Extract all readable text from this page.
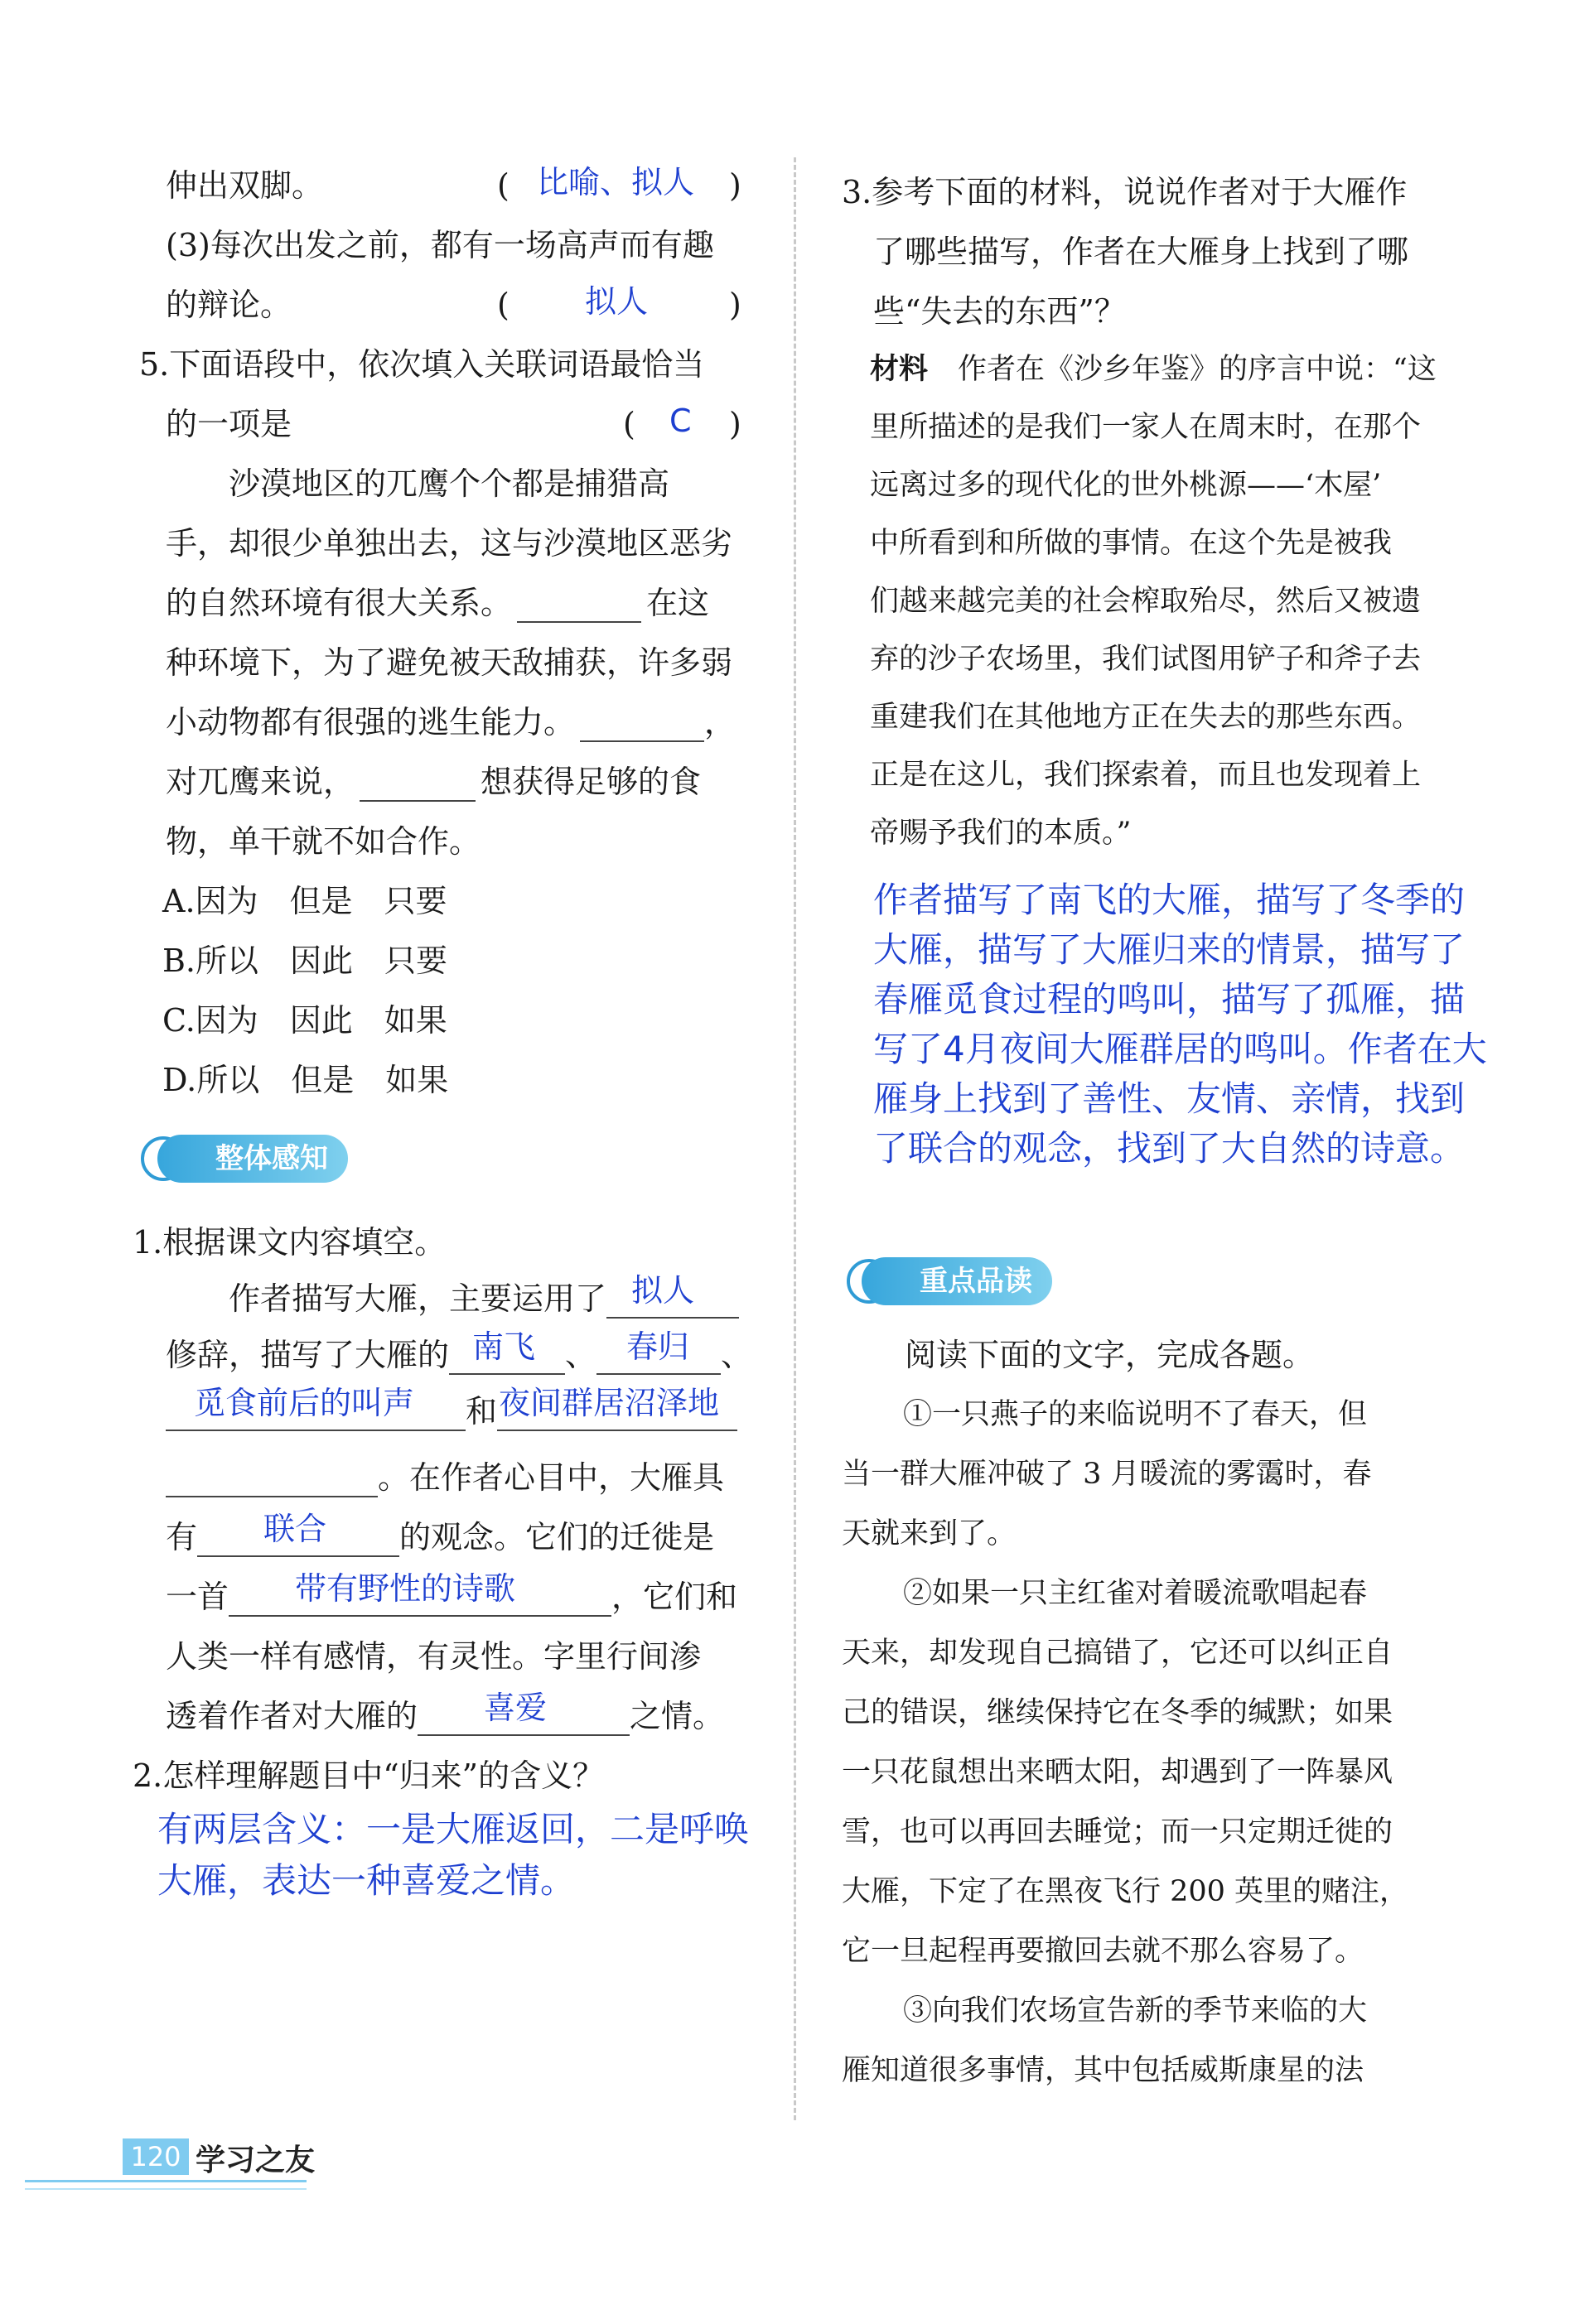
伸出双脚。	( 比喻、拟人 )
(3)每次出发之前，都有一场高声而有趣
的辩论。	( 拟人	)
5.下面语段中，依次填入关联词语最恰当
的一项是	( C )
沙漠地区的兀鹰个个都是捕猎高
手，却很少单独出去，这与沙漠地区恶劣
的自然环境有很大关系。	在这
种环境下，为了避免被天敌捕获，许多弱
小动物都有很强的逃生能力。	，
对兀鹰来说，	想获得足够的食
物，单干就不如合作。
A.因为　但是　只要
B.所以　因此　只要
C.因为　因此　如果
D.所以　但是　如果
整体感知
1.根据课文内容填空。
作者描写大雁，主要运用了 拟人
修辞，描写了大雁的 南飞 、 春归 、
觅食前后的叫声 和 夜间群居沼泽地
。在作者心目中，大雁具
有 联合 的观念。它们的迁徙是
一首 带有野性的诗歌	，它们和
人类一样有感情，有灵性。字里行间渗
透着作者对大雁的 喜爱	之情。
2.怎样理解题目中“归来”的含义？
有两层含义：一是大雁返回，二是呼唤
大雁，表达一种喜爱之情。
3.参考下面的材料，说说作者对于大雁作
了哪些描写，作者在大雁身上找到了哪
些“失去的东西”？
材料 作者在《沙乡年鉴》的序言中说：“这
里所描述的是我们一家人在周末时，在那个
远离过多的现代化的世外桃源——‘木屋’
中所看到和所做的事情。在这个先是被我
们越来越完美的社会榨取殆尽，然后又被遗
弃的沙子农场里，我们试图用铲子和斧子去
重建我们在其他地方正在失去的那些东西。
正是在这儿，我们探索着，而且也发现着上
帝赐予我们的本质。”
作者描写了南飞的大雁，描写了冬季的
大雁，描写了大雁归来的情景，描写了
春雁觅食过程的鸣叫，描写了孤雁，描
写了4月夜间大雁群居的鸣叫。作者在大
雁身上找到了善性、友情、亲情，找到
了联合的观念，找到了大自然的诗意。
重点品读
阅读下面的文字，完成各题。
①一只燕子的来临说明不了春天，但
当一群大雁冲破了 3 月暖流的雾霭时，春
天就来到了。
②如果一只主红雀对着暖流歌唱起春
天来，却发现自己搞错了，它还可以纠正自
己的错误，继续保持它在冬季的缄默；如果
一只花鼠想出来晒太阳，却遇到了一阵暴风
雪，也可以再回去睡觉；而一只定期迁徙的
大雁，下定了在黑夜飞行 200 英里的赌注，
它一旦起程再要撤回去就不那么容易了。
③向我们农场宣告新的季节来临的大
雁知道很多事情，其中包括威斯康星的法
120 学习之友
